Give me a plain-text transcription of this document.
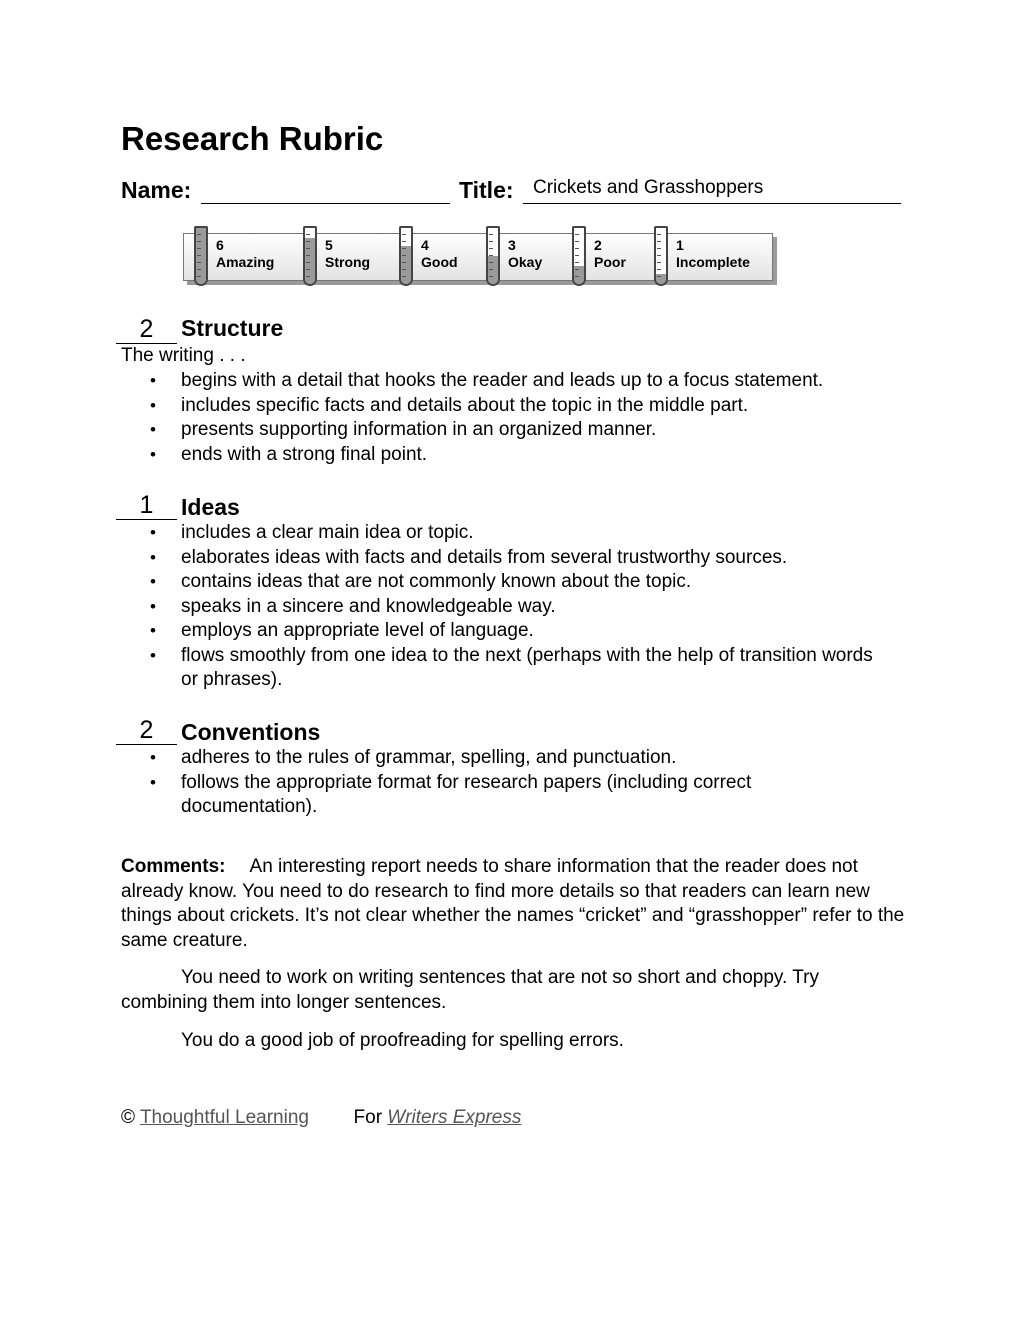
Research Rubric
Name:	Title: Crickets and Grasshoppers
6
Amazing
5
Strong
4
Good
3
Okay
2
Poor
1
Incomplete
2	Structure
The writing . . .
• begins with a detail that hooks the reader and leads up to a focus statement.
• includes specific facts and details about the topic in the middle part.
• presents supporting information in an organized manner.
• ends with a strong final point.
1	Ideas
• includes a clear main idea or topic.
• elaborates ideas with facts and details from several trustworthy sources.
• contains ideas that are not commonly known about the topic.
• speaks in a sincere and knowledgeable way.
• employs an appropriate level of language.
• flows smoothly from one idea to the next (perhaps with the help of transition words or phrases).
2	Conventions
• adheres to the rules of grammar, spelling, and punctuation.
• follows the appropriate format for research papers (including correct documentation).

Comments: An interesting report needs to share information that the reader does not already know. You need to do research to find more details so that readers can learn new things about crickets. It’s not clear whether the names “cricket” and “grasshopper” refer to the same creature.

You need to work on writing sentences that are not so short and choppy. Try combining them into longer sentences.

You do a good job of proofreading for spelling errors.

© Thoughtful Learning For Writers Express
